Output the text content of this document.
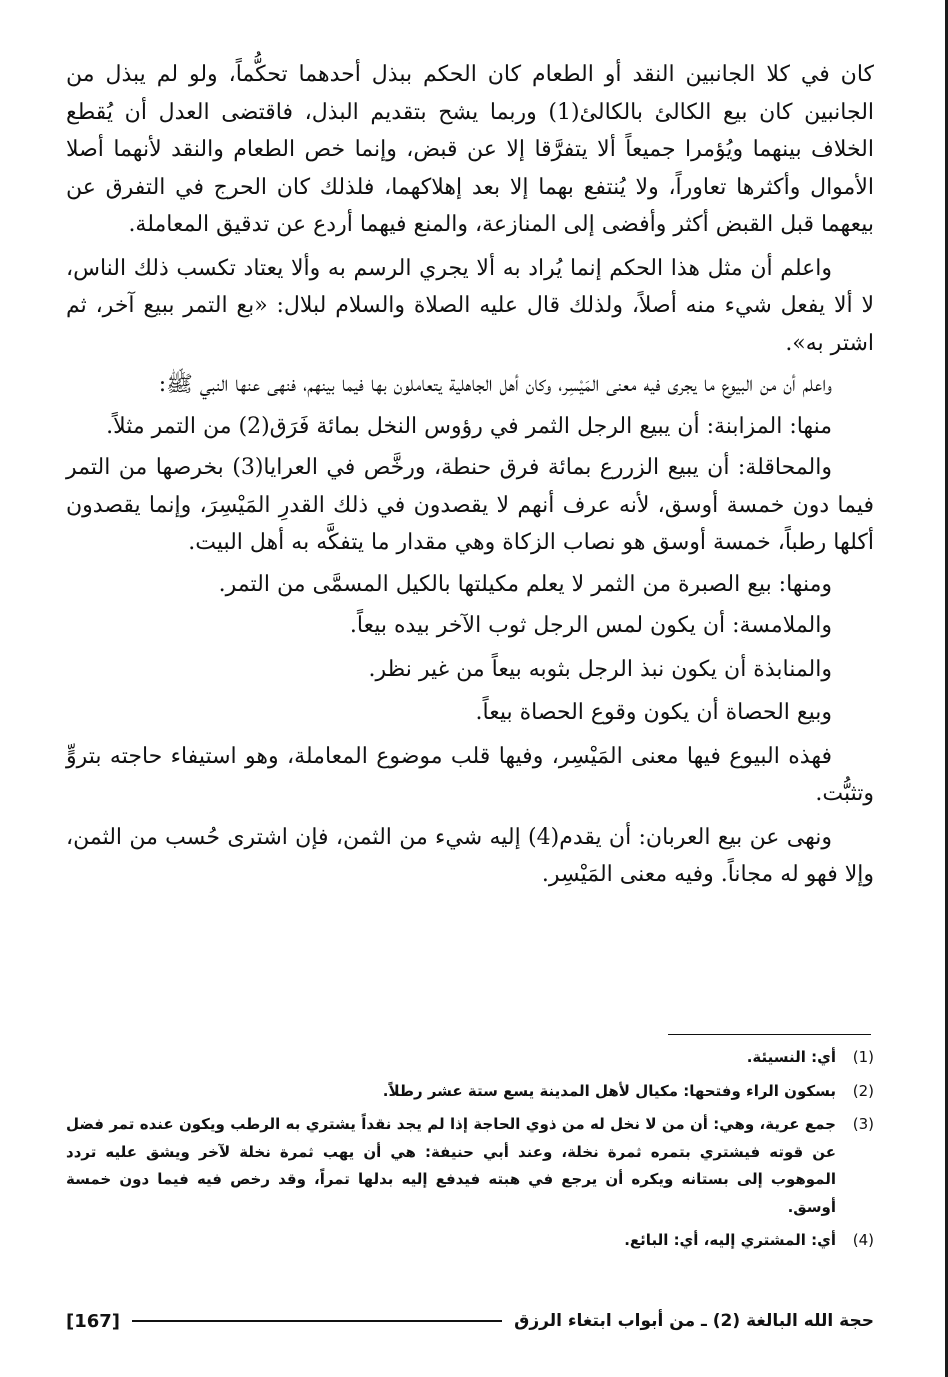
كان في كلا الجانبين النقد أو الطعام كان الحكم ببذل أحدهما تحكُّماً، ولو لم يبذل من الجانبين كان بيع الكالئ بالكالئ(1) وربما يشح بتقديم البذل، فاقتضى العدل أن يُقطع الخلاف بينهما ويُؤمرا جميعاً ألا يتفرَّقا إلا عن قبض، وإنما خص الطعام والنقد لأنهما أصلا الأموال وأكثرها تعاوراً، ولا يُنتفع بهما إلا بعد إهلاكهما، فلذلك كان الحرج في التفرق عن بيعهما قبل القبض أكثر وأفضى إلى المنازعة، والمنع فيهما أردع عن تدقيق المعاملة.

واعلم أن مثل هذا الحكم إنما يُراد به ألا يجري الرسم به وألا يعتاد تكسب ذلك الناس، لا ألا يفعل شيء منه أصلاً، ولذلك قال عليه الصلاة والسلام لبلال: «بع التمر ببيع آخر، ثم اشتر به».

واعلم أن من البيوع ما يجرى فيه معنى المَيْسِر، وكان أهل الجاهلية يتعاملون بها فيما بينهم، فنهى عنها النبي ﷺ:

منها: المزابنة: أن يبيع الرجل الثمر في رؤوس النخل بمائة فَرَق(2) من التمر مثلاً.

والمحاقلة: أن يبيع الزررع بمائة فرق حنطة، ورخَّص في العرايا(3) بخرصها من التمر فيما دون خمسة أوسق، لأنه عرف أنهم لا يقصدون في ذلك القدرِ المَيْسِرَ، وإنما يقصدون أكلها رطباً، خمسة أوسق هو نصاب الزكاة وهي مقدار ما يتفكَّه به أهل البيت.

ومنها: بيع الصبرة من الثمر لا يعلم مكيلتها بالكيل المسمَّى من التمر.

والملامسة: أن يكون لمس الرجل ثوب الآخر بيده بيعاً.

والمنابذة أن يكون نبذ الرجل بثوبه بيعاً من غير نظر.

وبيع الحصاة أن يكون وقوع الحصاة بيعاً.

فهذه البيوع فيها معنى المَيْسِر، وفيها قلب موضوع المعاملة، وهو استيفاء حاجته بتروٍّ وتثبُّت.

ونهى عن بيع العربان: أن يقدم(4) إليه شيء من الثمن، فإن اشترى حُسب من الثمن، وإلا فهو له مجاناً. وفيه معنى المَيْسِر.

(1)
أي: النسيئة.
(2)
بسكون الراء وفتحها: مكيال لأهل المدينة يسع ستة عشر رطلاً.
(3)
جمع عرية، وهي: أن من لا نخل له من ذوي الحاجة إذا لم يجد نقداً يشتري به الرطب ويكون عنده تمر فضل عن قوته فيشتري بتمره ثمرة نخلة، وعند أبي حنيفة: هي أن يهب ثمرة نخلة لآخر ويشق عليه تردد الموهوب إلى بستانه ويكره أن يرجع في هبته فيدفع إليه بدلها تمراً، وقد رخص فيه فيما دون خمسة أوسق.
(4)
أي: المشتري إليه، أي: البائع.
حجة الله البالغة (2) ـ من أبواب ابتغاء الرزق
[167]
